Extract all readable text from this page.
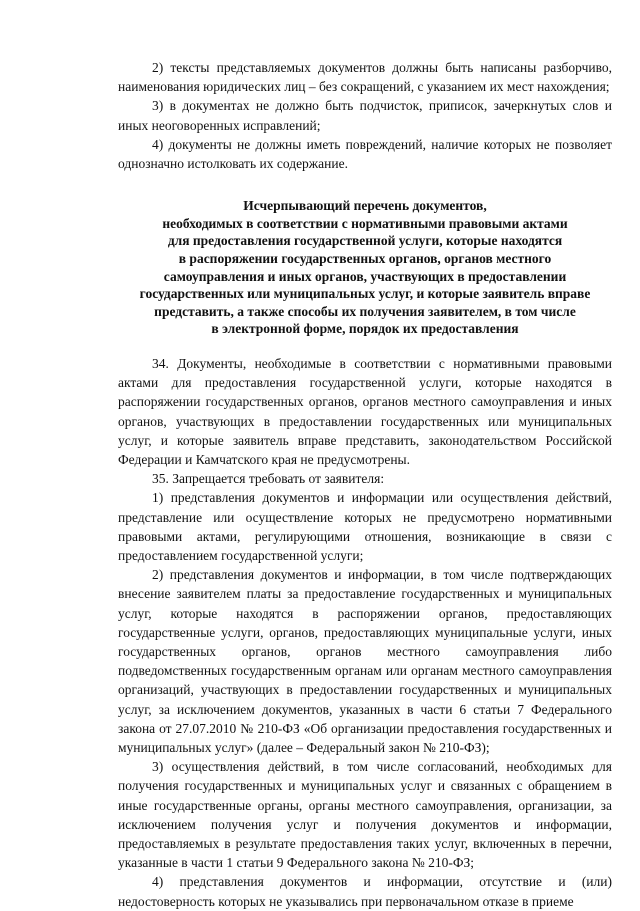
2) тексты представляемых документов должны быть написаны разборчиво, наименования юридических лиц – без сокращений, с указанием их мест нахождения;

3) в документах не должно быть подчисток, приписок, зачеркнутых слов и иных неоговоренных исправлений;

4) документы не должны иметь повреждений, наличие которых не позволяет однозначно истолковать их содержание.

Исчерпывающий перечень документов,
необходимых в соответствии с нормативными правовыми актами
для предоставления государственной услуги, которые находятся
в распоряжении государственных органов, органов местного
самоуправления и иных органов, участвующих в предоставлении
государственных или муниципальных услуг, и которые заявитель вправе
представить, а также способы их получения заявителем, в том числе
в электронной форме, порядок их предоставления

34. Документы, необходимые в соответствии с нормативными правовыми актами для предоставления государственной услуги, которые находятся в распоряжении государственных органов, органов местного самоуправления и иных органов, участвующих в предоставлении государственных или муниципальных услуг, и которые заявитель вправе представить, законодательством Российской Федерации и Камчатского края не предусмотрены.

35. Запрещается требовать от заявителя:

1) представления документов и информации или осуществления действий, представление или осуществление которых не предусмотрено нормативными правовыми актами, регулирующими отношения, возникающие в связи с предоставлением государственной услуги;

2) представления документов и информации, в том числе подтверждающих внесение заявителем платы за предоставление государственных и муниципальных услуг, которые находятся в распоряжении органов, предоставляющих государственные услуги, органов, предоставляющих муниципальные услуги, иных государственных органов, органов местного самоуправления либо подведомственных государственным органам или органам местного самоуправления организаций, участвующих в предоставлении государственных и муниципальных услуг, за исключением документов, указанных в части 6 статьи 7 Федерального закона от 27.07.2010 № 210-ФЗ «Об организации предоставления государственных и муниципальных услуг» (далее – Федеральный закон № 210-ФЗ);

3) осуществления действий, в том числе согласований, необходимых для получения государственных и муниципальных услуг и связанных с обращением в иные государственные органы, органы местного самоуправления, организации, за исключением получения услуг и получения документов и информации, предоставляемых в результате предоставления таких услуг, включенных в перечни, указанные в части 1 статьи 9 Федерального закона № 210-ФЗ;

4) представления документов и информации, отсутствие и (или) недостоверность которых не указывались при первоначальном отказе в приеме
